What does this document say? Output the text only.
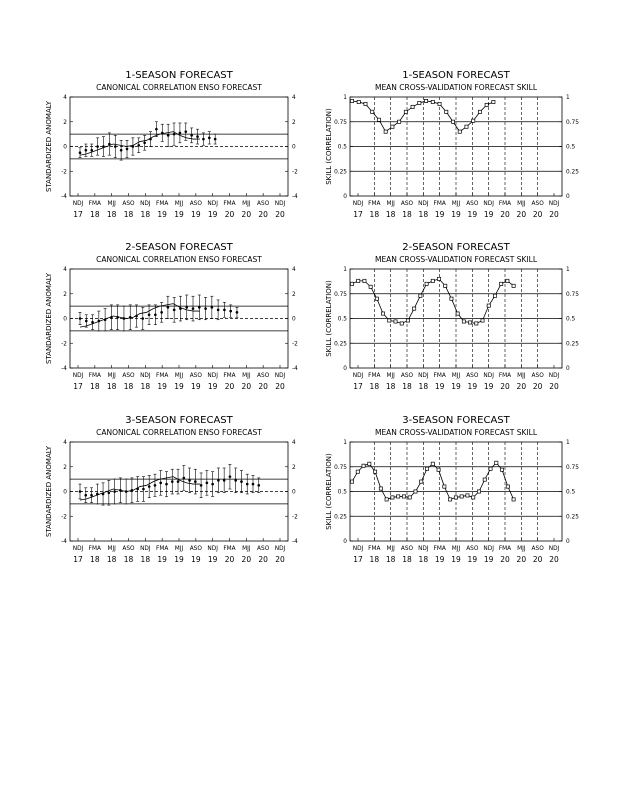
1-SEASON FORECAST
CANONICAL CORRELATION ENSO FORECAST
4	4
2	2
0	0
-2	-2
-4	-4
STANDARDIZED ANOMALY
NDJ
17
FMA
18
MJJ
18
ASO
18
NDJ
18
FMA
19
MJJ
19
ASO
19
NDJ
19
FMA
20
MJJ
20
ASO
20
NDJ
20
1-SEASON FORECAST
MEAN CROSS-VALIDATION FORECAST SKILL
1	1
0.75	0.75
0.5	0.5
0.25	0.25
0	0
SKILL (CORRELATION)
NDJ
17
FMA
18
MJJ
18
ASO
18
NDJ
18
FMA
19
MJJ
19
ASO
19
NDJ
19
FMA
20
MJJ
20
ASO
20
NDJ
20
2-SEASON FORECAST
CANONICAL CORRELATION ENSO FORECAST
4	4
2	2
0	0
-2	-2
-4	-4
STANDARDIZED ANOMALY
NDJ
17
FMA
18
MJJ
18
ASO
18
NDJ
18
FMA
19
MJJ
19
ASO
19
NDJ
19
FMA
20
MJJ
20
ASO
20
NDJ
20
2-SEASON FORECAST
MEAN CROSS-VALIDATION FORECAST SKILL
1	1
0.75	0.75
0.5	0.5
0.25	0.25
0	0
SKILL (CORRELATION)
NDJ
17
FMA
18
MJJ
18
ASO
18
NDJ
18
FMA
19
MJJ
19
ASO
19
NDJ
19
FMA
20
MJJ
20
ASO
20
NDJ
20
3-SEASON FORECAST
CANONICAL CORRELATION ENSO FORECAST
4	4
2	2
0	0
-2	-2
-4	-4
STANDARDIZED ANOMALY
NDJ
17
FMA
18
MJJ
18
ASO
18
NDJ
18
FMA
19
MJJ
19
ASO
19
NDJ
19
FMA
20
MJJ
20
ASO
20
NDJ
20
3-SEASON FORECAST
MEAN CROSS-VALIDATION FORECAST SKILL
1	1
0.75	0.75
0.5	0.5
0.25	0.25
0	0
SKILL (CORRELATION)
NDJ
17
FMA
18
MJJ
18
ASO
18
NDJ
18
FMA
19
MJJ
19
ASO
19
NDJ
19
FMA
20
MJJ
20
ASO
20
NDJ
20
